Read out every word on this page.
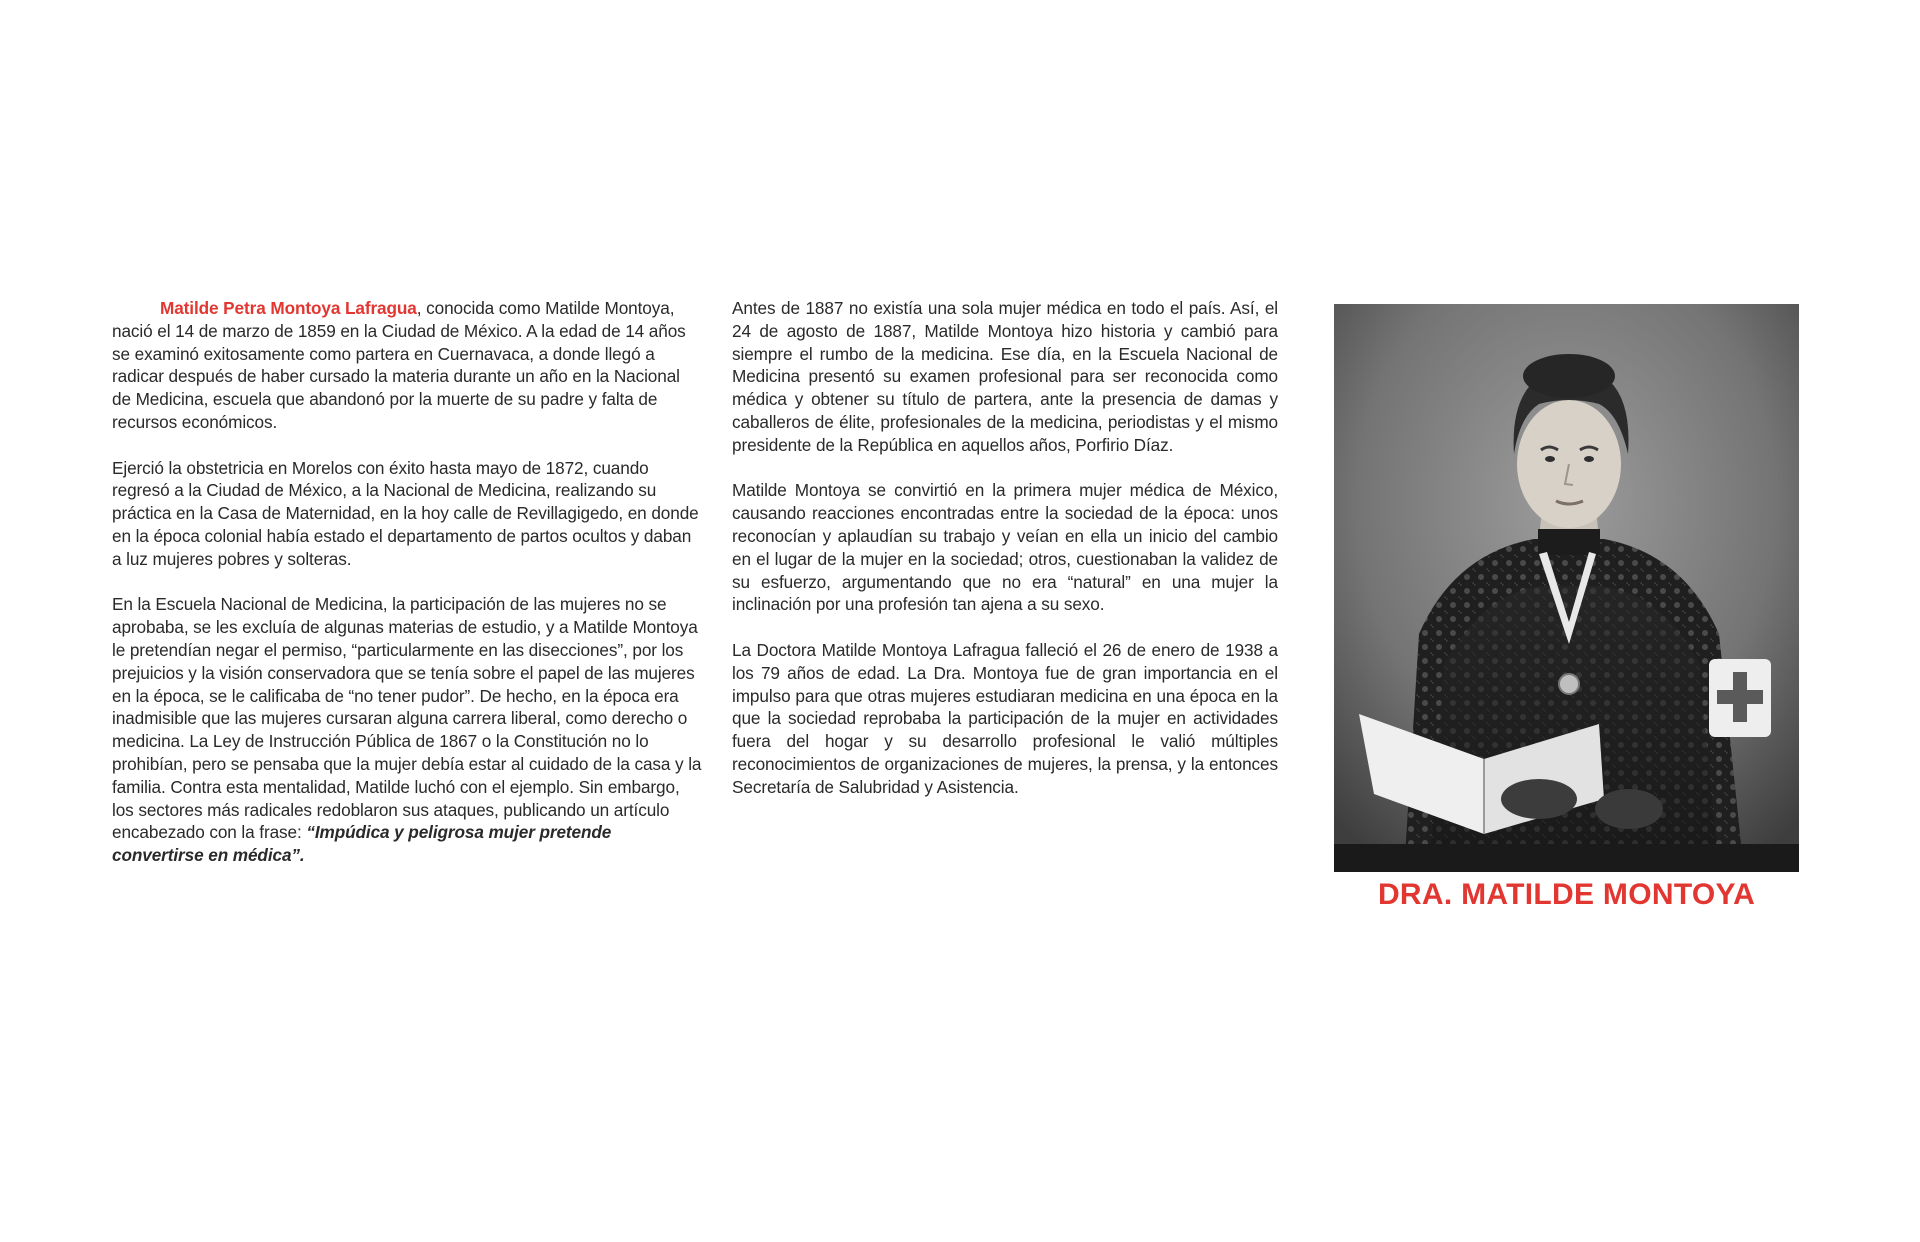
Matilde Petra Montoya Lafragua, conocida como Matilde Montoya, nació el 14 de marzo de 1859 en la Ciudad de México. A la edad de 14 años se examinó exitosamente como partera en Cuernavaca, a donde llegó a radicar después de haber cursado la materia durante un año en la Nacional de Medicina, escuela que abandonó por la muerte de su padre y falta de recursos económicos.

Ejerció la obstetricia en Morelos con éxito hasta mayo de 1872, cuando regresó a la Ciudad de México, a la Nacional de Medicina, realizando su práctica en la Casa de Maternidad, en la hoy calle de Revillagigedo, en donde en la época colonial había estado el departamento de partos ocultos y daban a luz mujeres pobres y solteras.

En la Escuela Nacional de Medicina, la participación de las mujeres no se aprobaba, se les excluía de algunas materias de estudio, y a Matilde Montoya le pretendían negar el permiso, “particularmente en las disecciones”, por los prejuicios y la visión conservadora que se tenía sobre el papel de las mujeres en la época, se le calificaba de “no tener pudor”. De hecho, en la época era inadmisible que las mujeres cursaran alguna carrera liberal, como derecho o medicina. La Ley de Instrucción Pública de 1867 o la Constitución no lo prohibían, pero se pensaba que la mujer debía estar al cuidado de la casa y la familia. Contra esta mentalidad, Matilde luchó con el ejemplo. Sin embargo, los sectores más radicales redoblaron sus ataques, publicando un artículo encabezado con la frase: “Impúdica y peligrosa mujer pretende convertirse en médica”.

Antes de 1887 no existía una sola mujer médica en todo el país. Así, el 24 de agosto de 1887, Matilde Montoya hizo historia y cambió para siempre el rumbo de la medicina. Ese día, en la Escuela Nacional de Medicina presentó su examen profesional para ser reconocida como médica y obtener su título de partera, ante la presencia de damas y caballeros de élite, profesionales de la medicina, periodistas y el mismo presidente de la República en aquellos años, Porfirio Díaz.

Matilde Montoya se convirtió en la primera mujer médica de México, causando reacciones encontradas entre la sociedad de la época: unos reconocían y aplaudían su trabajo y veían en ella un inicio del cambio en el lugar de la mujer en la sociedad; otros, cuestionaban la validez de su esfuerzo, argumentando que no era “natural” en una mujer la inclinación por una profesión tan ajena a su sexo.

La Doctora Matilde Montoya Lafragua falleció el 26 de enero de 1938 a los 79 años de edad. La Dra. Montoya fue de gran importancia en el impulso para que otras mujeres estudiaran medicina en una época en la que la sociedad reprobaba la participación de la mujer en actividades fuera del hogar y su desarrollo profesional le valió múltiples reconocimientos de organizaciones de mujeres, la prensa, y la entonces Secretaría de Salubridad y Asistencia.

DRA. MATILDE MONTOYA
